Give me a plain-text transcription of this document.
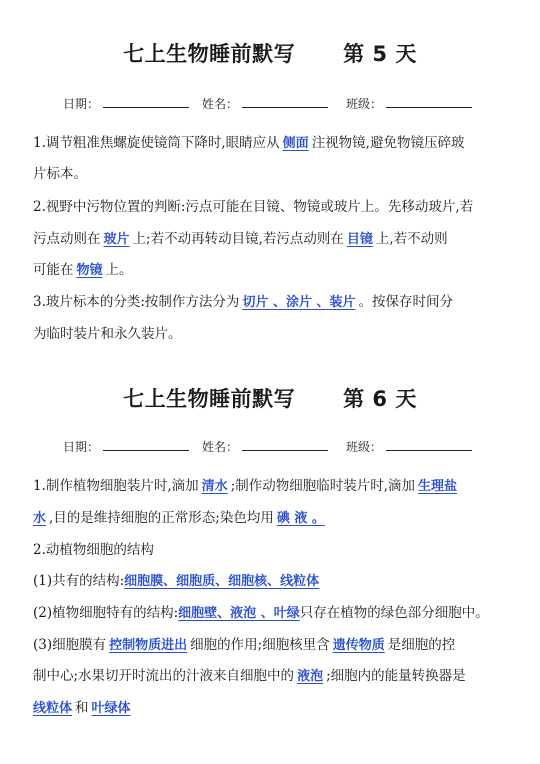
七上生物睡前默写 第 5 天
日期：	姓名：	班级：
1.调节粗准焦螺旋使镜筒下降时,眼睛应从 侧面 注视物镜,避免物镜压碎玻
片标本。
2.视野中污物位置的判断:污点可能在目镜、物镜或玻片上。先移动玻片,若
污点动则在 玻片 上;若不动再转动目镜,若污点动则在 目镜 上,若不动则
可能在 物镜 上。
3.玻片标本的分类:按制作方法分为 切片 、涂片 、装片 。按保存时间分
为临时装片和永久装片。
七上生物睡前默写 第 6 天
日期：	姓名：	班级：
1.制作植物细胞装片时,滴加 清水 ;制作动物细胞临时装片时,滴加 生理盐
水 ,目的是维持细胞的正常形态;染色均用 碘 液 。
2.动植物细胞的结构
(1)共有的结构:细胞膜、细胞质、细胞核、线粒体
(2)植物细胞特有的结构:细胞壁、液泡 、叶绿只存在植物的绿色部分细胞中。
(3)细胞膜有 控制物质进出 细胞的作用;细胞核里含 遗传物质 是细胞的控
制中心;水果切开时流出的汁液来自细胞中的 液泡 ;细胞内的能量转换器是
线粒体 和 叶绿体
